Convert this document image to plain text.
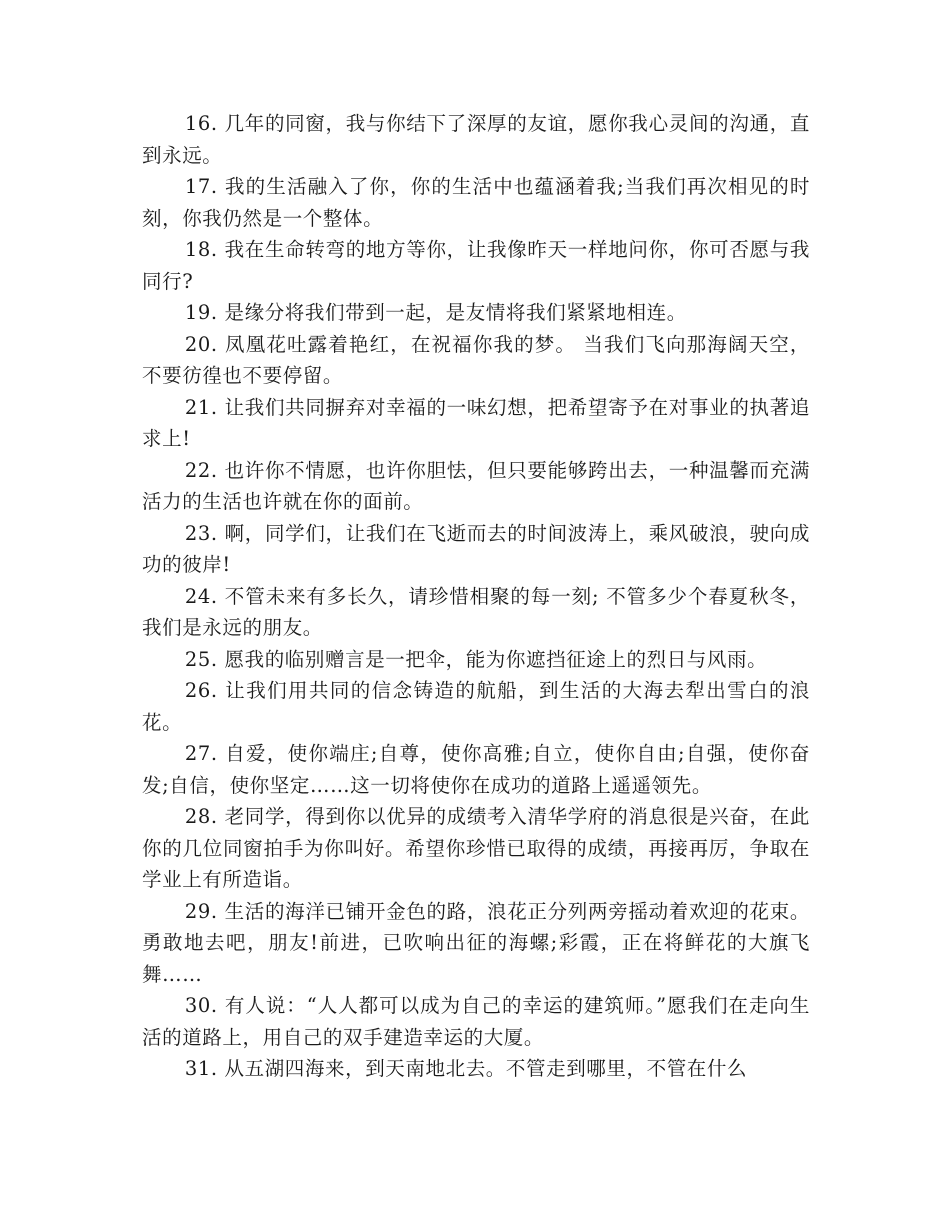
16. 几年的同窗，我与你结下了深厚的友谊，愿你我心灵间的沟通，直到永远。

17. 我的生活融入了你，你的生活中也蕴涵着我;当我们再次相见的时刻，你我仍然是一个整体。

18. 我在生命转弯的地方等你，让我像昨天一样地问你，你可否愿与我同行?

19. 是缘分将我们带到一起，是友情将我们紧紧地相连。

20. 凤凰花吐露着艳红，在祝福你我的梦。 当我们飞向那海阔天空，不要彷徨也不要停留。

21. 让我们共同摒弃对幸福的一味幻想，把希望寄予在对事业的执著追求上!

22. 也许你不情愿，也许你胆怯，但只要能够跨出去，一种温馨而充满活力的生活也许就在你的面前。

23. 啊，同学们，让我们在飞逝而去的时间波涛上，乘风破浪，驶向成功的彼岸!

24. 不管未来有多长久，请珍惜相聚的每一刻; 不管多少个春夏秋冬，我们是永远的朋友。

25. 愿我的临别赠言是一把伞，能为你遮挡征途上的烈日与风雨。

26. 让我们用共同的信念铸造的航船，到生活的大海去犁出雪白的浪花。

27. 自爱，使你端庄;自尊，使你高雅;自立，使你自由;自强，使你奋发;自信，使你坚定……这一切将使你在成功的道路上遥遥领先。

28. 老同学，得到你以优异的成绩考入清华学府的消息很是兴奋，在此你的几位同窗拍手为你叫好。希望你珍惜已取得的成绩，再接再厉，争取在学业上有所造诣。

29. 生活的海洋已铺开金色的路，浪花正分列两旁摇动着欢迎的花束。勇敢地去吧，朋友!前进，已吹响出征的海螺;彩霞，正在将鲜花的大旗飞舞……

30. 有人说：“人人都可以成为自己的幸运的建筑师。”愿我们在走向生活的道路上，用自己的双手建造幸运的大厦。

31. 从五湖四海来，到天南地北去。不管走到哪里，不管在什么
